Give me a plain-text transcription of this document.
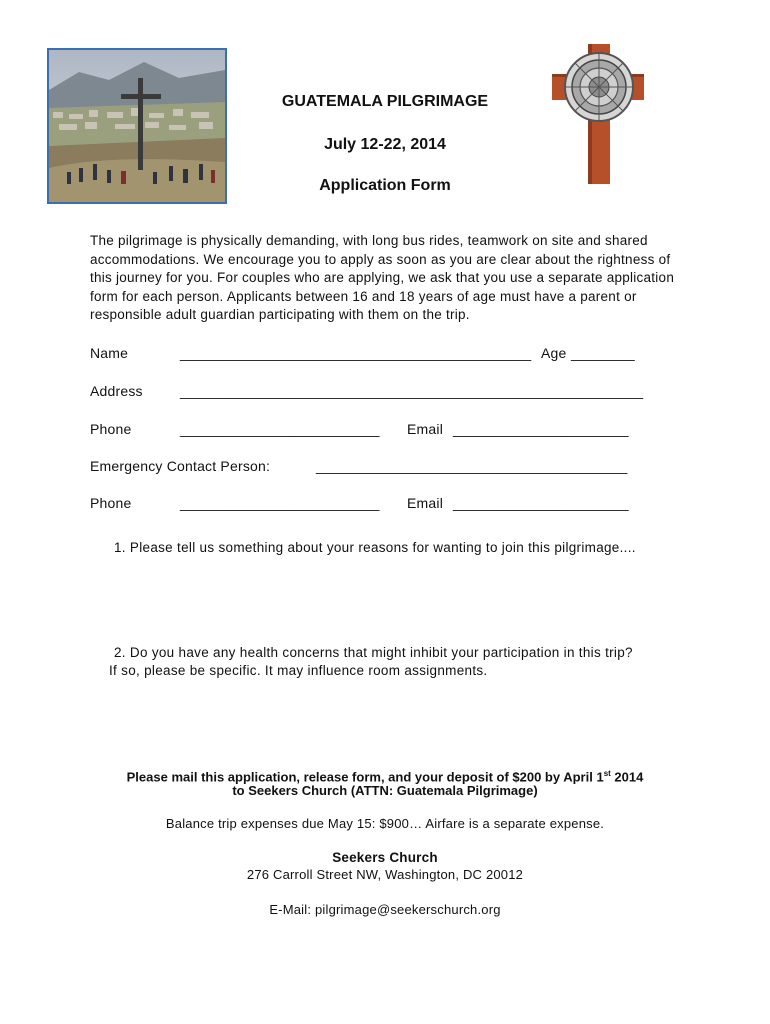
GUATEMALA PILGRIMAGE
July 12-22, 2014
Application Form
The pilgrimage is physically demanding, with long bus rides, teamwork on site and shared accommodations. We encourage you to apply as soon as you are clear about the rightness of this journey for you. For couples who are applying, we ask that you use a separate application form for each person. Applicants between 16 and 18 years of age must have a parent or responsible adult guardian participating with them on the trip.
Name	____________________________________________ Age ________
Address	__________________________________________________________
Phone	_________________________ Email ______________________
Emergency Contact Person:	_______________________________________
Phone	_________________________ Email ______________________
1. Please tell us something about your reasons for wanting to join this pilgrimage....
2. Do you have any health concerns that might inhibit your participation in this trip?
If so, please be specific. It may influence room assignments.
Please mail this application, release form, and your deposit of $200 by April 1st 2014
to Seekers Church (ATTN: Guatemala Pilgrimage)
Balance trip expenses due May 15: $900… Airfare is a separate expense.
Seekers Church
276 Carroll Street NW, Washington, DC 20012
E-Mail: pilgrimage@seekerschurch.org
